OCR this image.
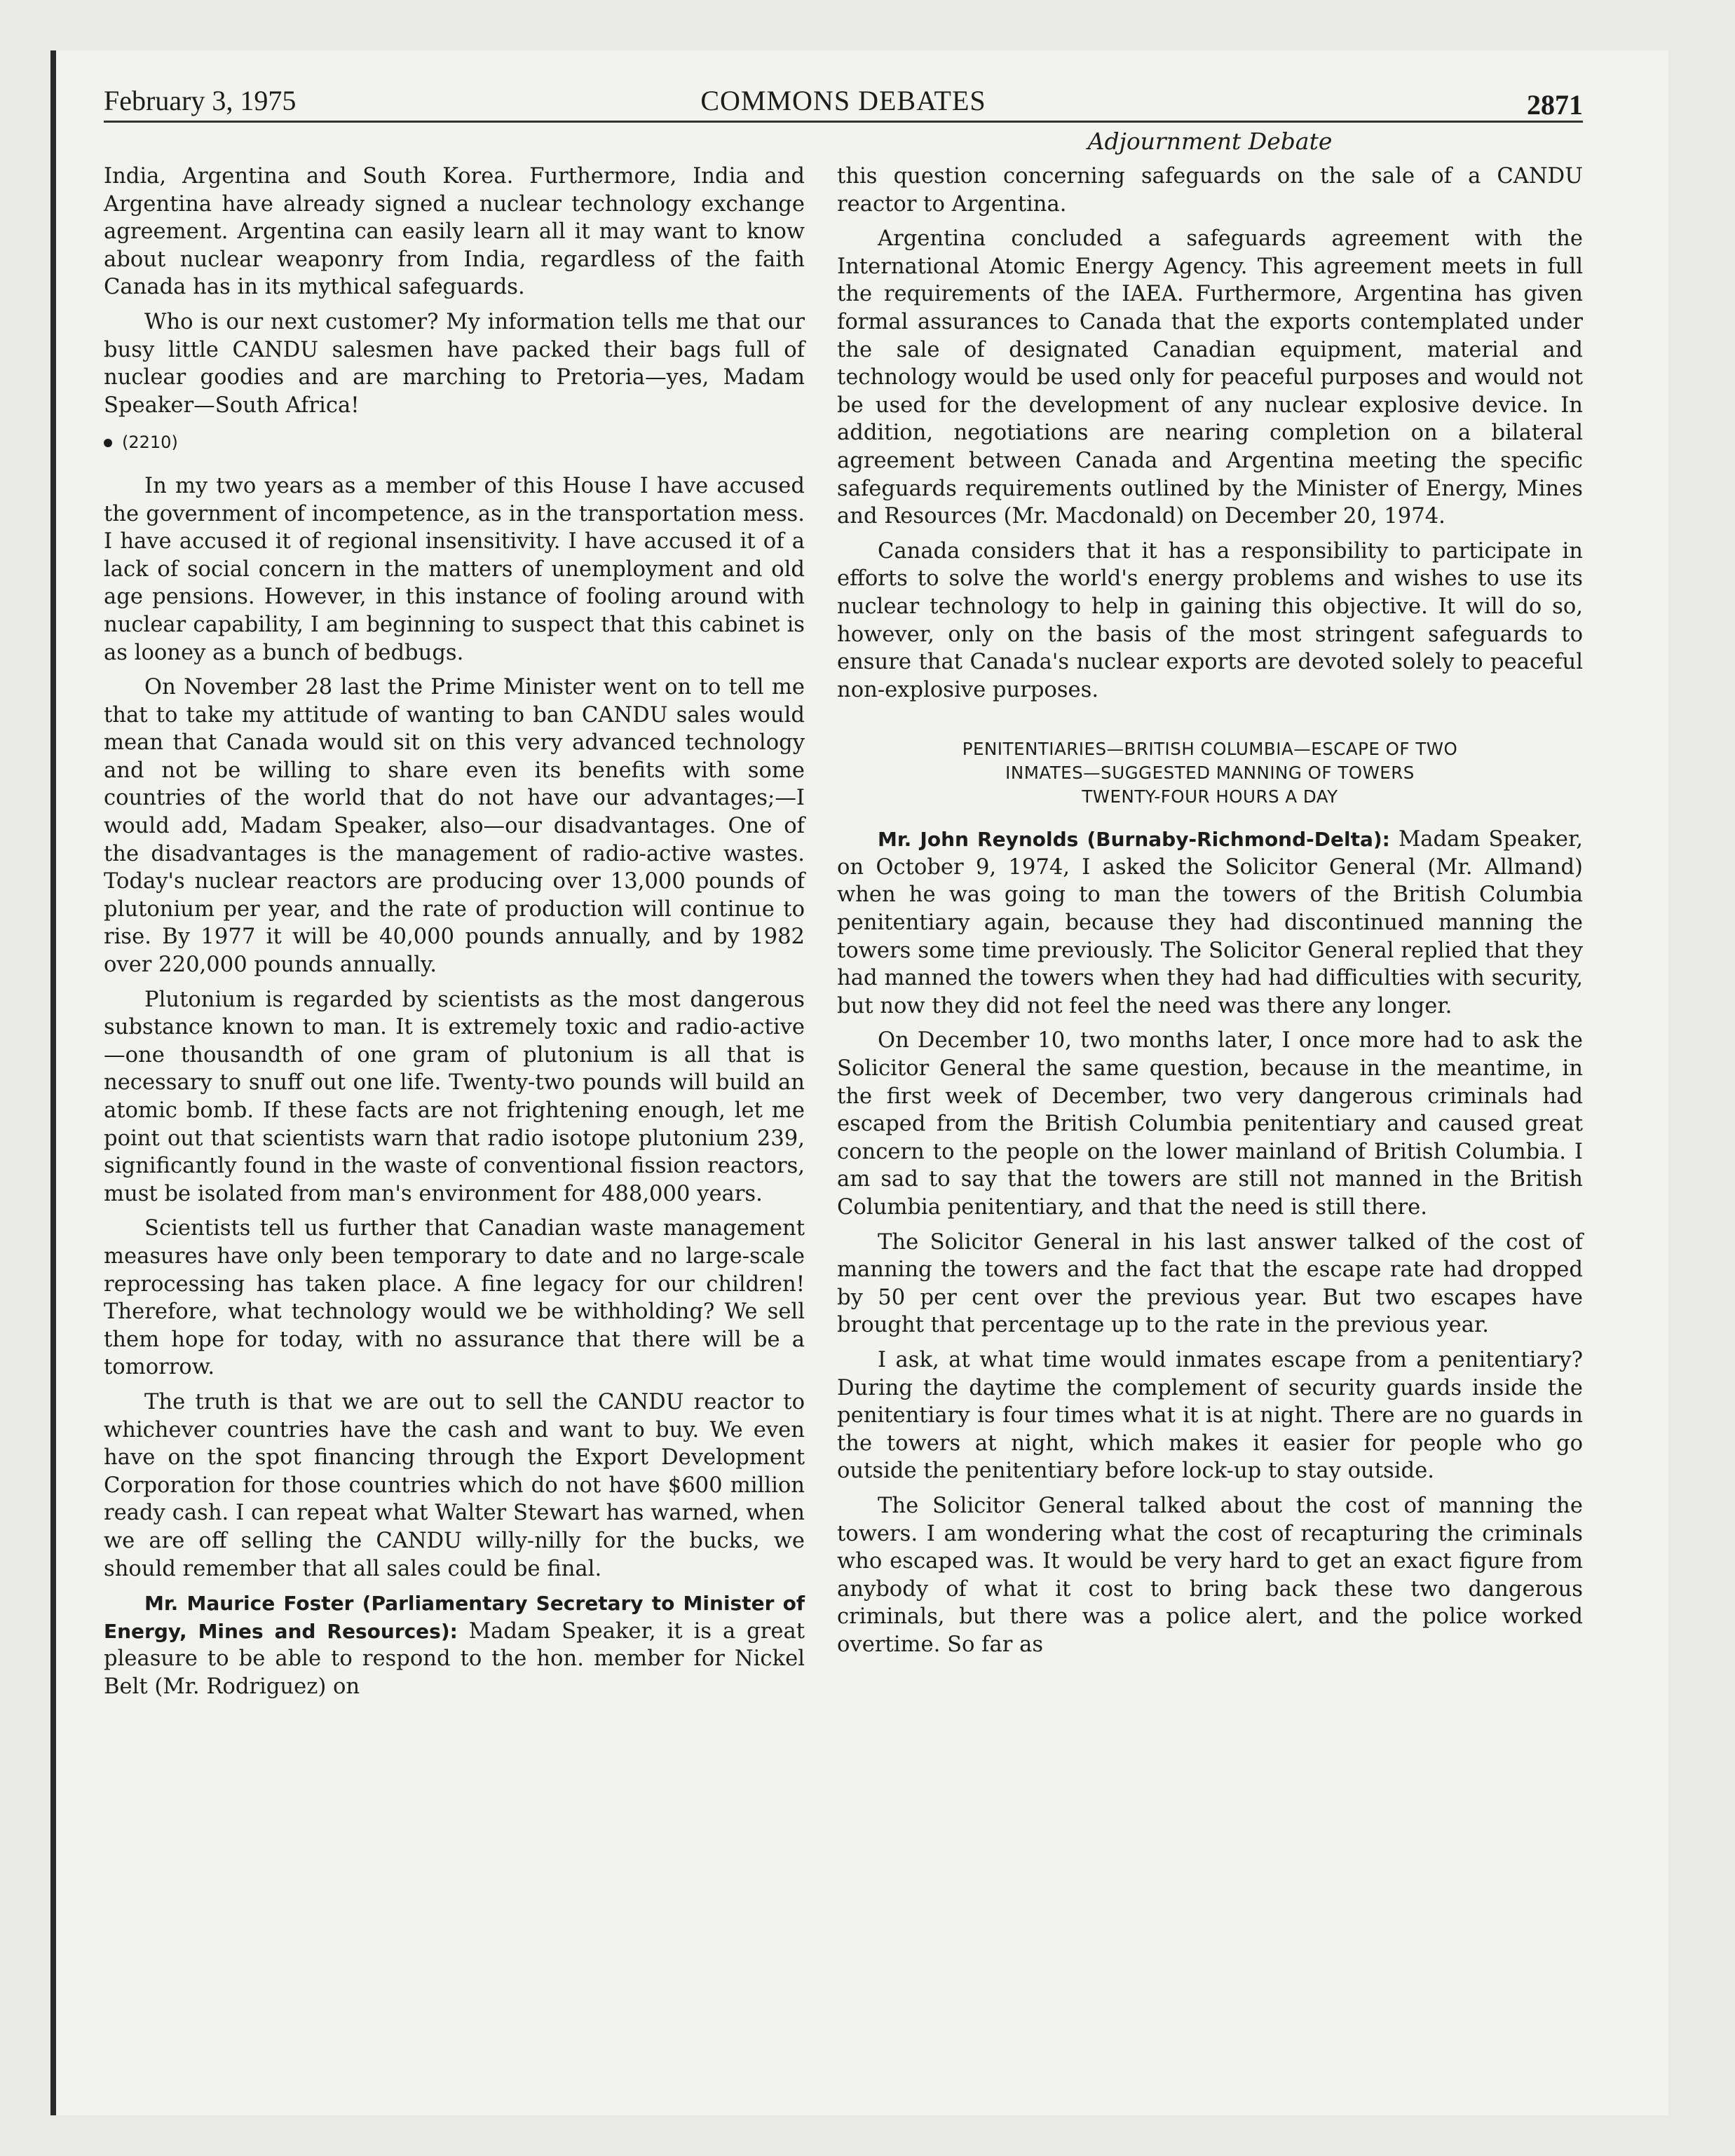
February 3, 1975	COMMONS DEBATES	2871
Adjournment Debate

India, Argentina and South Korea. Furthermore, India and Argentina have already signed a nuclear technology exchange agreement. Argentina can easily learn all it may want to know about nuclear weaponry from India, regardless of the faith Canada has in its mythical safeguards.

Who is our next customer? My information tells me that our busy little CANDU salesmen have packed their bags full of nuclear goodies and are marching to Pretoria—yes, Madam Speaker—South Africa!

(2210)

In my two years as a member of this House I have accused the government of incompetence, as in the transportation mess. I have accused it of regional insensitivity. I have accused it of a lack of social concern in the matters of unemployment and old age pensions. However, in this instance of fooling around with nuclear capability, I am beginning to suspect that this cabinet is as looney as a bunch of bedbugs.

On November 28 last the Prime Minister went on to tell me that to take my attitude of wanting to ban CANDU sales would mean that Canada would sit on this very advanced technology and not be willing to share even its benefits with some countries of the world that do not have our advantages;—I would add, Madam Speaker, also—our disadvantages. One of the disadvantages is the management of radio-active wastes. Today's nuclear reactors are producing over 13,000 pounds of plutonium per year, and the rate of production will continue to rise. By 1977 it will be 40,000 pounds annually, and by 1982 over 220,000 pounds annually.

Plutonium is regarded by scientists as the most dangerous substance known to man. It is extremely toxic and radio-active—one thousandth of one gram of plutonium is all that is necessary to snuff out one life. Twenty-two pounds will build an atomic bomb. If these facts are not frightening enough, let me point out that scientists warn that radio isotope plutonium 239, significantly found in the waste of conventional fission reactors, must be isolated from man's environment for 488,000 years.

Scientists tell us further that Canadian waste management measures have only been temporary to date and no large-scale reprocessing has taken place. A fine legacy for our children! Therefore, what technology would we be withholding? We sell them hope for today, with no assurance that there will be a tomorrow.

The truth is that we are out to sell the CANDU reactor to whichever countries have the cash and want to buy. We even have on the spot financing through the Export Development Corporation for those countries which do not have $600 million ready cash. I can repeat what Walter Stewart has warned, when we are off selling the CANDU willy-nilly for the bucks, we should remember that all sales could be final.

Mr. Maurice Foster (Parliamentary Secretary to Minister of Energy, Mines and Resources): Madam Speaker, it is a great pleasure to be able to respond to the hon. member for Nickel Belt (Mr. Rodriguez) on

this question concerning safeguards on the sale of a CANDU reactor to Argentina.

Argentina concluded a safeguards agreement with the International Atomic Energy Agency. This agreement meets in full the requirements of the IAEA. Furthermore, Argentina has given formal assurances to Canada that the exports contemplated under the sale of designated Canadian equipment, material and technology would be used only for peaceful purposes and would not be used for the development of any nuclear explosive device. In addition, negotiations are nearing completion on a bilateral agreement between Canada and Argentina meeting the specific safeguards requirements outlined by the Minister of Energy, Mines and Resources (Mr. Macdonald) on December 20, 1974.

Canada considers that it has a responsibility to participate in efforts to solve the world's energy problems and wishes to use its nuclear technology to help in gaining this objective. It will do so, however, only on the basis of the most stringent safeguards to ensure that Canada's nuclear exports are devoted solely to peaceful non-explosive purposes.

PENITENTIARIES—BRITISH COLUMBIA—ESCAPE OF TWO
INMATES—SUGGESTED MANNING OF TOWERS
TWENTY-FOUR HOURS A DAY

Mr. John Reynolds (Burnaby-Richmond-Delta): Madam Speaker, on October 9, 1974, I asked the Solicitor General (Mr. Allmand) when he was going to man the towers of the British Columbia penitentiary again, because they had discontinued manning the towers some time previously. The Solicitor General replied that they had manned the towers when they had had difficulties with security, but now they did not feel the need was there any longer.

On December 10, two months later, I once more had to ask the Solicitor General the same question, because in the meantime, in the first week of December, two very dangerous criminals had escaped from the British Columbia penitentiary and caused great concern to the people on the lower mainland of British Columbia. I am sad to say that the towers are still not manned in the British Columbia penitentiary, and that the need is still there.

The Solicitor General in his last answer talked of the cost of manning the towers and the fact that the escape rate had dropped by 50 per cent over the previous year. But two escapes have brought that percentage up to the rate in the previous year.

I ask, at what time would inmates escape from a penitentiary? During the daytime the complement of security guards inside the penitentiary is four times what it is at night. There are no guards in the towers at night, which makes it easier for people who go outside the penitentiary before lock-up to stay outside.

The Solicitor General talked about the cost of manning the towers. I am wondering what the cost of recapturing the criminals who escaped was. It would be very hard to get an exact figure from anybody of what it cost to bring back these two dangerous criminals, but there was a police alert, and the police worked overtime. So far as
